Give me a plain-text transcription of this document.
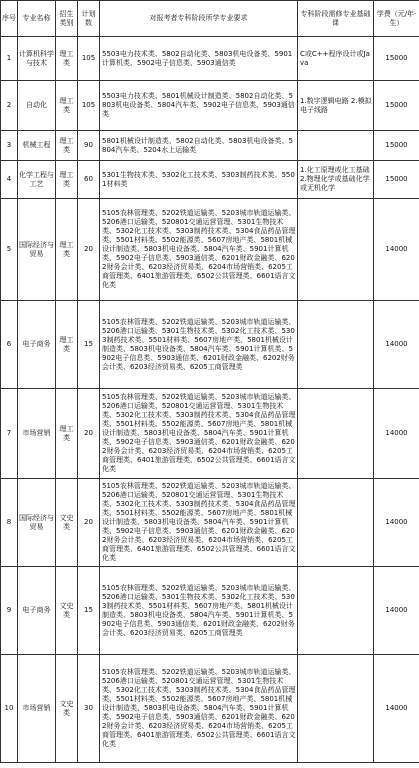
序号	专业名称	招生类别	计划数	对报考者专科阶段所学专业要求	专科阶段需修专业基础课	学费（元/年·生）
1	计算机科学与技术	理工类	105	5503电力技术类、5802自动化类、5803机电设备类、5901计算机类、5902电子信息类、5903通信类	C或C++程序设计或Java	15000
2	自动化	理工类	105	5503电力技术类、5801机械设计制造类、5802自动化类、5803机电设备类、5804汽车类、5902电子信息类、5903通信类	1.数字逻辑电路 2.模拟电子线路	15000
3	机械工程	理工类	90	5801机械设计制造类、5802自动化类、5803机电设备类、5804汽车类、5204水上运输类		15000
4	化学工程与工艺	理工类	60	5301生物技术类、5302化工技术类、5303制药技术类、5501材料类	1.化工原理或化工基础 2.物理化学或基础化学或无机化学	15000
5	国际经济与贸易	理工类	20	5105农林管理类、5202铁道运输类、5203城市轨道运输类、5206港口运输类、520801交通运营管理、5301生物技术类、5302化工技术类、5303制药技术类、5304食品药品管理类、5501材料类、5502能源类、5607房地产类、5801机械设计制造类、5803机电设备类、5804汽车类、5901计算机类、5902电子信息类、5903通信类、6201财政金融类、6202财务会计类、6203经济贸易类、6204市场营销类、6205工商管理类、6401旅游管理类、6502公共管理类、6601语言文化类		14000
6	电子商务	理工类	15	5105农林管理类、5202铁道运输类、5203城市轨道运输类、5206港口运输类、5301生物技术类、5302化工技术类、5303制药技术类、5501材料类、5607房地产类、5801机械设计制造类、5803机电设备类、5804汽车类、5901计算机类、5902电子信息类、5903通信类、6201财政金融类、6202财务会计类、6203经济贸易类、6205工商管理类		14000
7	市场营销	理工类	20	5105农林管理类、5202铁道运输类、5203城市轨道运输类、5206港口运输类、520801交通运营管理、5301生物技术类、5302化工技术类、5303制药技术类、5304食品药品管理类、5501材料类、5502能源类、5607房地产类、5801机械设计制造类、5803机电设备类、5804汽车类、5901计算机类、5902电子信息类、5903通信类、6201财政金融类、6202财务会计类、6203经济贸易类、6204市场营销类、6205工商管理类、6401旅游管理类、6502公共管理类、6601语言文化类		14000
8	国际经济与贸易	文史类	20	5105农林管理类、5202铁道运输类、5203城市轨道运输类、5206港口运输类、520801交通运营管理、5301生物技术类、5302化工技术类、5303制药技术类、5304食品药品管理类、5501材料类、5502能源类、5607房地产类、5801机械设计制造类、5803机电设备类、5804汽车类、5901计算机类、5902电子信息类、5903通信类、6201财政金融类、6202财务会计类、6203经济贸易类、6204市场营销类、6205工商管理类、6401旅游管理类、6502公共管理类、6601语言文化类		14000
9	电子商务	文史类	15	5105农林管理类、5202铁道运输类、5203城市轨道运输类、5206港口运输类、5301生物技术类、5302化工技术类、5303制药技术类、5501材料类、5607房地产类、5801机械设计制造类、5803机电设备类、5804汽车类、5901计算机类、5902电子信息类、5903通信类、6201财政金融类、6202财务会计类、6203经济贸易类、6205工商管理类		14000
10	市场营销	文史类	30	5105农林管理类、5202铁道运输类、5203城市轨道运输类、5206港口运输类、520801交通运营管理、5301生物技术类、5302化工技术类、5303制药技术类、5304食品药品管理类、5501材料类、5502能源类、5607房地产类、5801机械设计制造类、5803机电设备类、5804汽车类、5901计算机类、5902电子信息类、5903通信类、6201财政金融类、6202财务会计类、6203经济贸易类、6204市场营销类、6205工商管理类、6401旅游管理类、6502公共管理类、6601语言文化类		14000
